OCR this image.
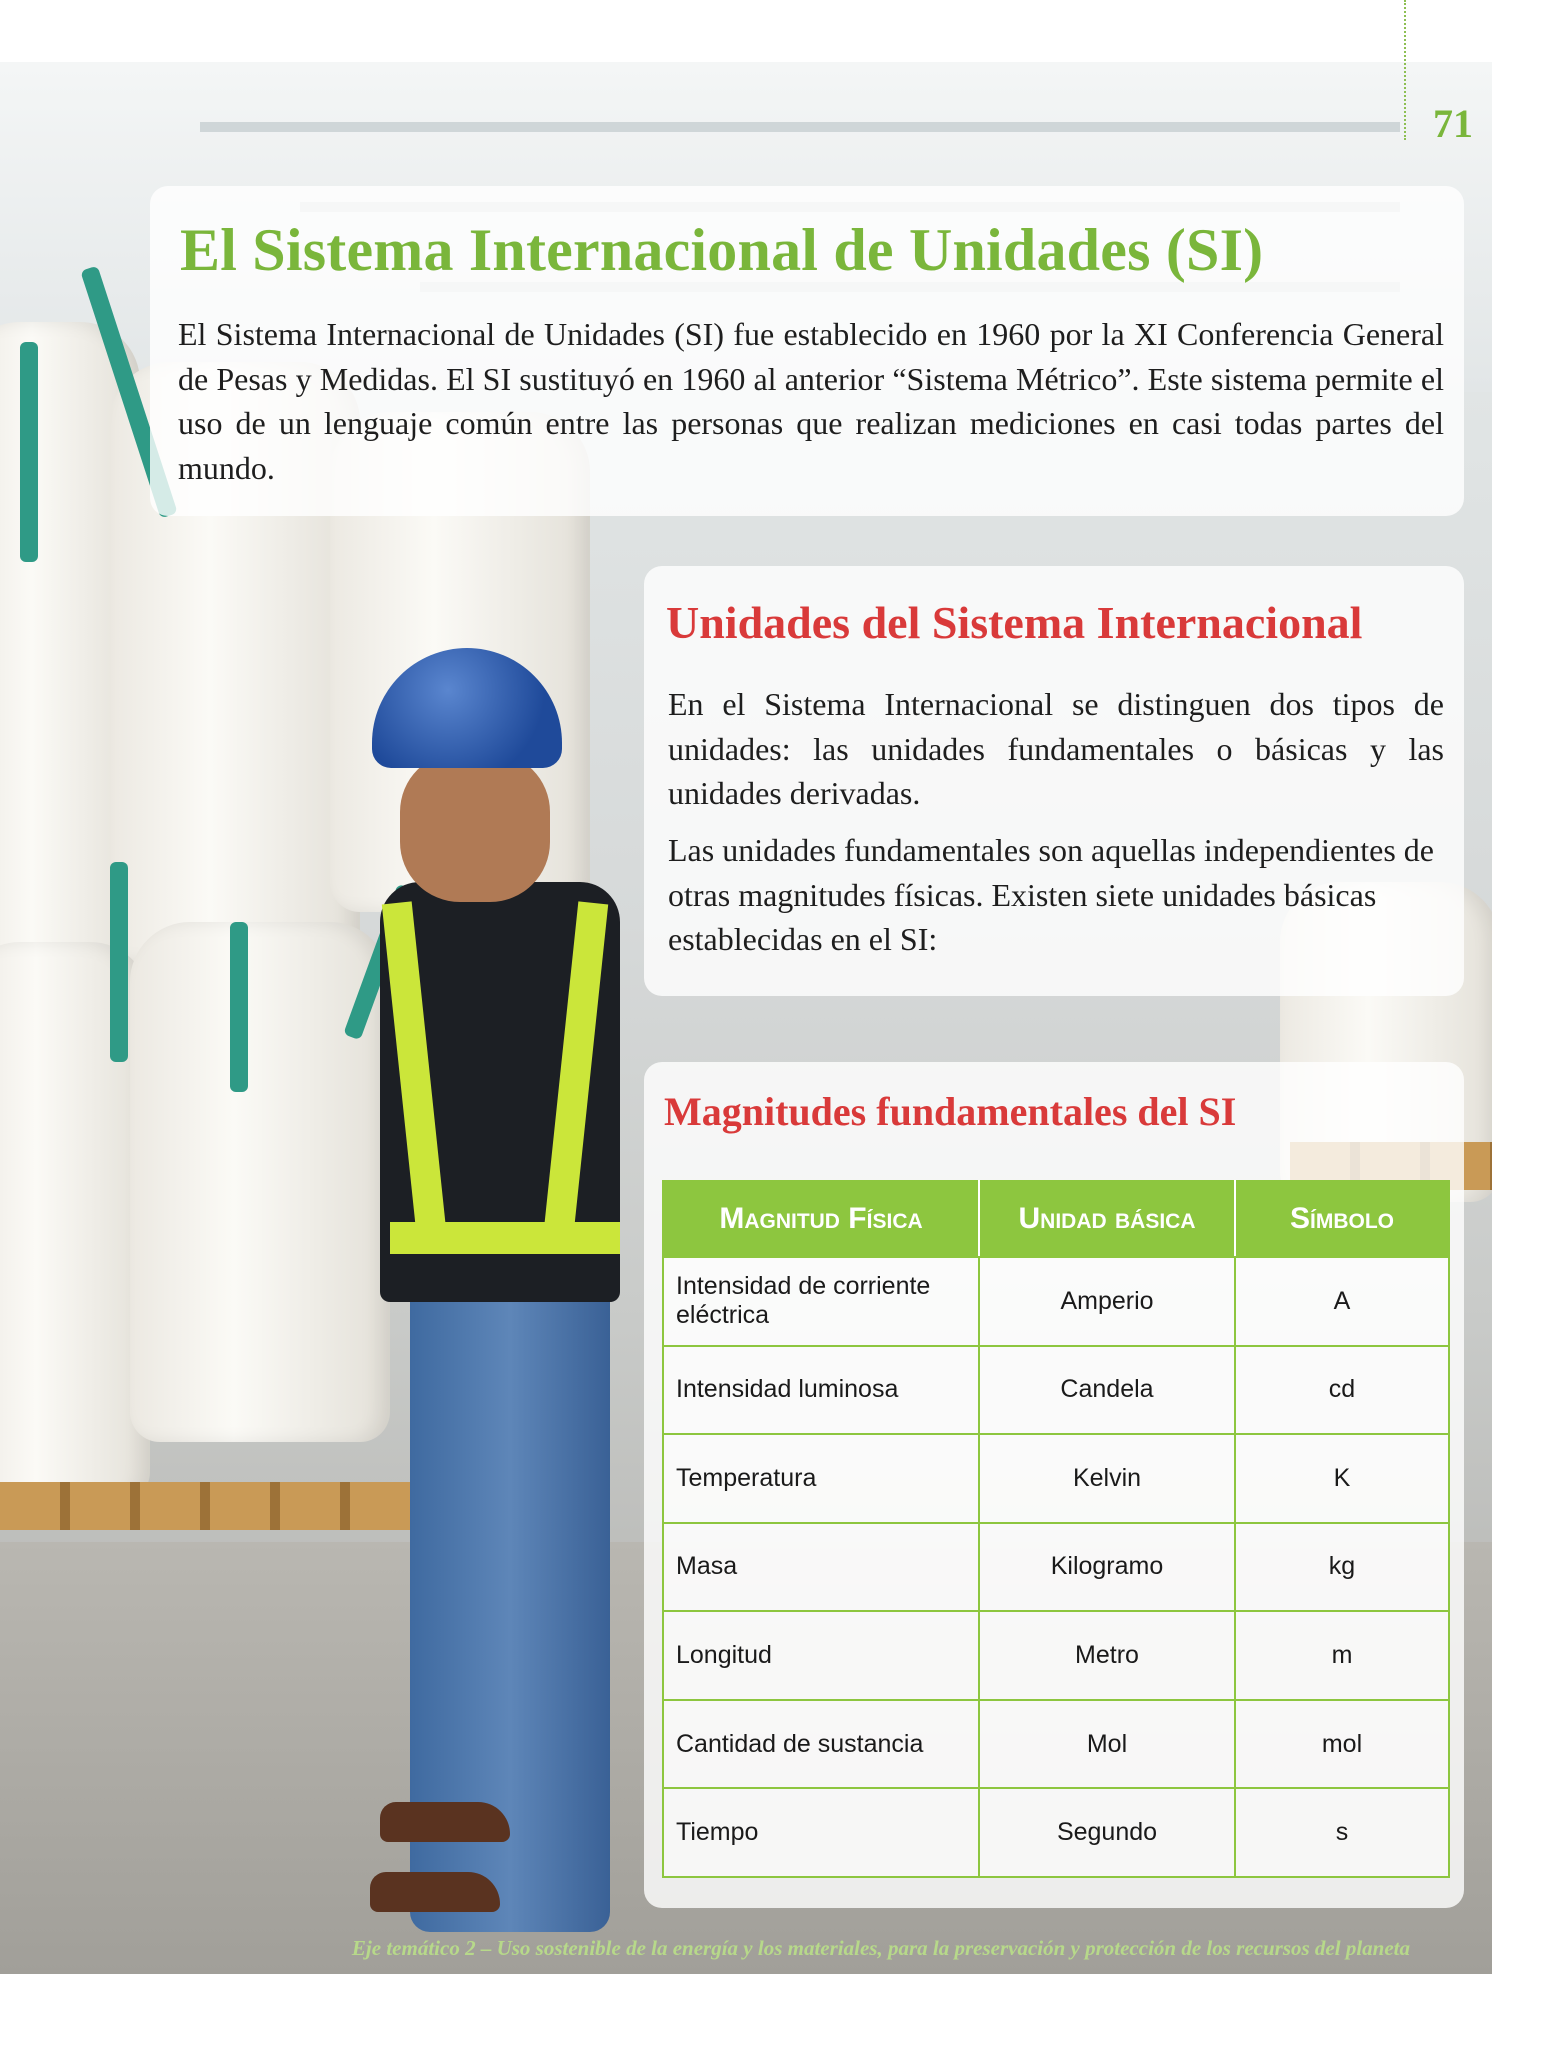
71
El Sistema Internacional de Unidades (SI)

El Sistema Internacional de Unidades (SI) fue establecido en 1960 por la XI Conferencia General de Pesas y Medidas. El SI sustituyó en 1960 al anterior “Sistema Métrico”. Este sistema permite el uso de un lenguaje común entre las personas que realizan mediciones en casi todas partes del mundo.

Unidades del Sistema Internacional

En el Sistema Internacional se distinguen dos tipos de unidades: las unidades fundamentales o básicas y las unidades derivadas.

Las unidades fundamentales son aquellas independientes de otras magnitudes físicas. Existen siete unidades básicas establecidas en el SI:

Magnitudes fundamentales del SI
Magnitud Física	Unidad básica	Símbolo
Intensidad de corriente eléctrica	Amperio	A
Intensidad luminosa	Candela	cd
Temperatura	Kelvin	K
Masa	Kilogramo	kg
Longitud	Metro	m
Cantidad de sustancia	Mol	mol
Tiempo	Segundo	s

Eje temático 2 – Uso sostenible de la energía y los materiales, para la preservación y protección de los recursos del planeta
